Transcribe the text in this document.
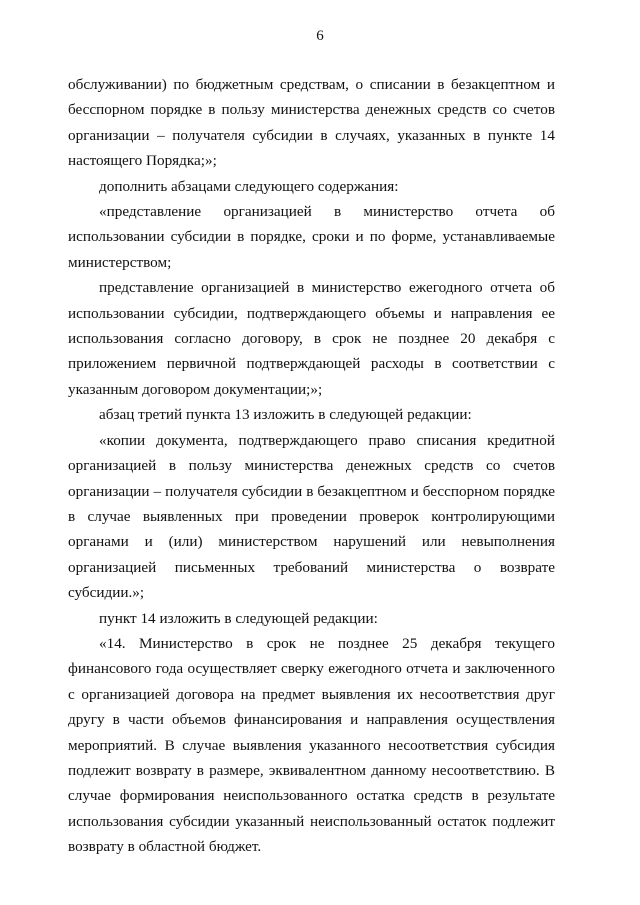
6

обслуживании) по бюджетным средствам, о списании в безакцептном и бесспорном порядке в пользу министерства денежных средств со счетов организации – получателя субсидии в случаях, указанных в пункте 14 настоящего Порядка;»;

дополнить абзацами следующего содержания:

«представление организацией в министерство отчета об использовании субсидии в порядке, сроки и по форме, устанавливаемые министерством;

представление организацией в министерство ежегодного отчета об использовании субсидии, подтверждающего объемы и направления ее использования согласно договору, в срок не позднее 20 декабря с приложением первичной подтверждающей расходы в соответствии с указанным договором документации;»;

абзац третий пункта 13 изложить в следующей редакции:

«копии документа, подтверждающего право списания кредитной организацией в пользу министерства денежных средств со счетов организации – получателя субсидии в безакцептном и бесспорном порядке в случае выявленных при проведении проверок контролирующими органами и (или) министерством нарушений или невыполнения организацией письменных требований министерства о возврате субсидии.»;

пункт 14 изложить в следующей редакции:

«14. Министерство в срок не позднее 25 декабря текущего финансового года осуществляет сверку ежегодного отчета и заключенного с организацией договора на предмет выявления их несоответствия друг другу в части объемов финансирования и направления осуществления мероприятий. В случае выявления указанного несоответствия субсидия подлежит возврату в размере, эквивалентном данному несоответствию. В случае формирования неиспользованного остатка средств в результате использования субсидии указанный неиспользованный остаток подлежит возврату в областной бюджет.
